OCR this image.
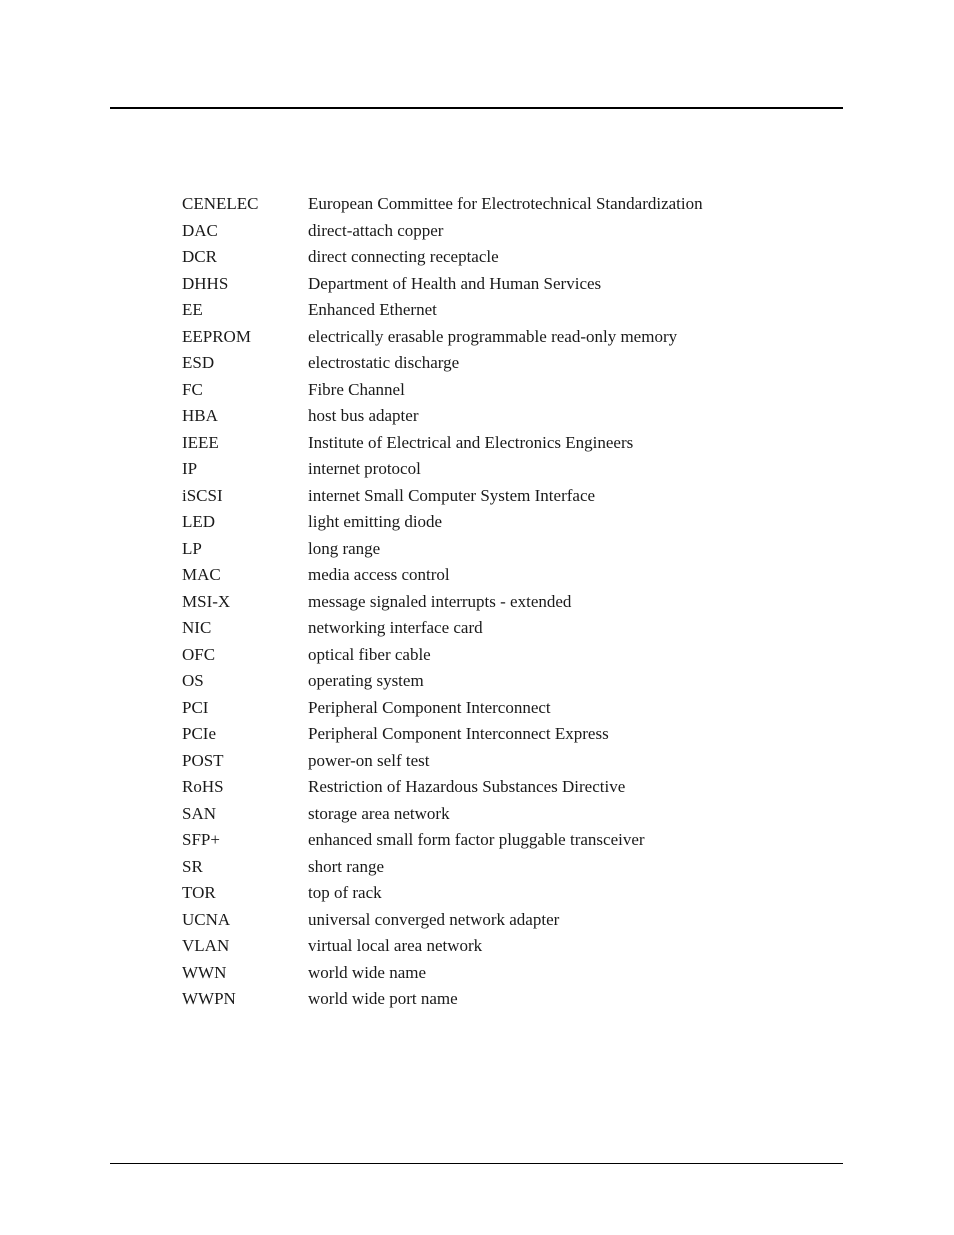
CENELEC	European Committee for Electrotechnical Standardization
DAC	direct-attach copper
DCR	direct connecting receptacle
DHHS	Department of Health and Human Services
EE	Enhanced Ethernet
EEPROM	electrically erasable programmable read-only memory
ESD	electrostatic discharge
FC	Fibre Channel
HBA	host bus adapter
IEEE	Institute of Electrical and Electronics Engineers
IP	internet protocol
iSCSI	internet Small Computer System Interface
LED	light emitting diode
LP	long range
MAC	media access control
MSI-X	message signaled interrupts - extended
NIC	networking interface card
OFC	optical fiber cable
OS	operating system
PCI	Peripheral Component Interconnect
PCIe	Peripheral Component Interconnect Express
POST	power-on self test
RoHS	Restriction of Hazardous Substances Directive
SAN	storage area network
SFP+	enhanced small form factor pluggable transceiver
SR	short range
TOR	top of rack
UCNA	universal converged network adapter
VLAN	virtual local area network
WWN	world wide name
WWPN	world wide port name
